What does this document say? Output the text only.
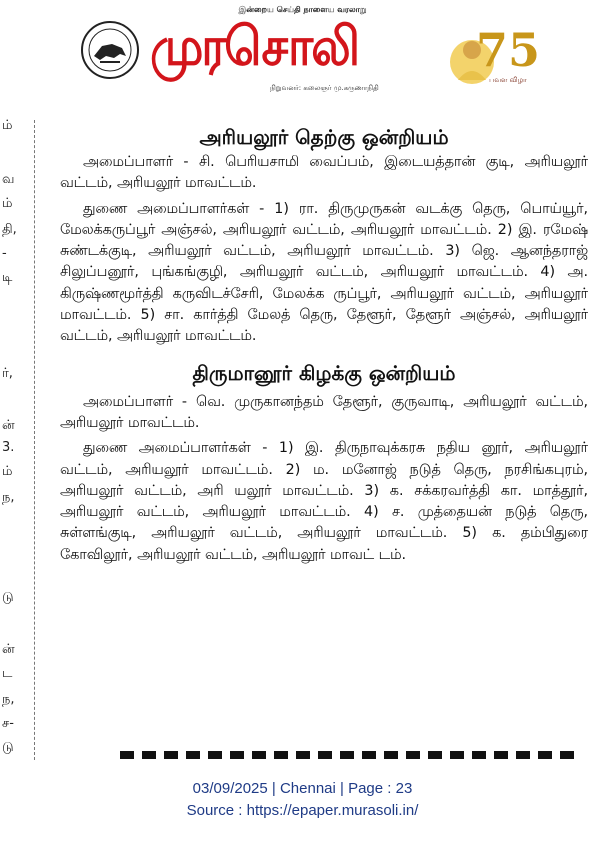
இன்றைய செய்தி நாளைய வரலாறு
முரசொலி
நிறுவனர்: கலைஞர் மு.கருணாநிதி
75
பவள விழா
ம்
வ
ம்
தி,
-
டி
ர்,
ன்
3.
ம்
ந,
டு
ன்
ட
ந,
ச-
டு
அரியலூர் தெற்கு ஒன்றியம்

அமைப்பாளர் - சி. பெரியசாமி வைப்பம், இடையத்தான் குடி, அரியலூர் வட்டம், அரியலூர் மாவட்டம்.

துணை அமைப்பாளர்கள் - 1) ரா. திருமுருகன் வடக்கு தெரு, பொய்யூர், மேலக்கருப்பூர் அஞ்சல், அரியலூர் வட்டம், அரியலூர் மாவட்டம். 2) இ. ரமேஷ் சுண்டக்குடி, அரியலூர் வட்டம், அரியலூர் மாவட்டம். 3) ஜெ. ஆனந்தராஜ் சிலுப்பனூர், புங்கங்குழி, அரியலூர் வட்டம், அரியலூர் மாவட்டம். 4) அ. கிருஷ்ணமூர்த்தி கருவிடச்சேரி, மேலக்க ருப்பூர், அரியலூர் வட்டம், அரியலூர் மாவட்டம். 5) சா. கார்த்தி மேலத் தெரு, தேளூர், தேளூர் அஞ்சல், அரியலூர் வட்டம், அரியலூர் மாவட்டம்.

திருமானூர் கிழக்கு ஒன்றியம்

அமைப்பாளர் - வெ. முருகானந்தம் தேளூர், குருவாடி, அரியலூர் வட்டம், அரியலூர் மாவட்டம்.

துணை அமைப்பாளர்கள் - 1) இ. திருநாவுக்கரசு நதிய னூர், அரியலூர் வட்டம், அரியலூர் மாவட்டம். 2) ம. மனோஜ் நடுத் தெரு, நரசிங்கபுரம், அரியலூர் வட்டம், அரி யலூர் மாவட்டம். 3) க. சக்கரவர்த்தி கா. மாத்தூர், அரியலூர் வட்டம், அரியலூர் மாவட்டம். 4) ச. முத்தையன் நடுத் தெரு, சுள்ளங்குடி, அரியலூர் வட்டம், அரியலூர் மாவட்டம். 5) க. தம்பிதுரை கோவிலூர், அரியலூர் வட்டம், அரியலூர் மாவட் டம்.

03/09/2025 | Chennai | Page : 23
Source : https://epaper.murasoli.in/
